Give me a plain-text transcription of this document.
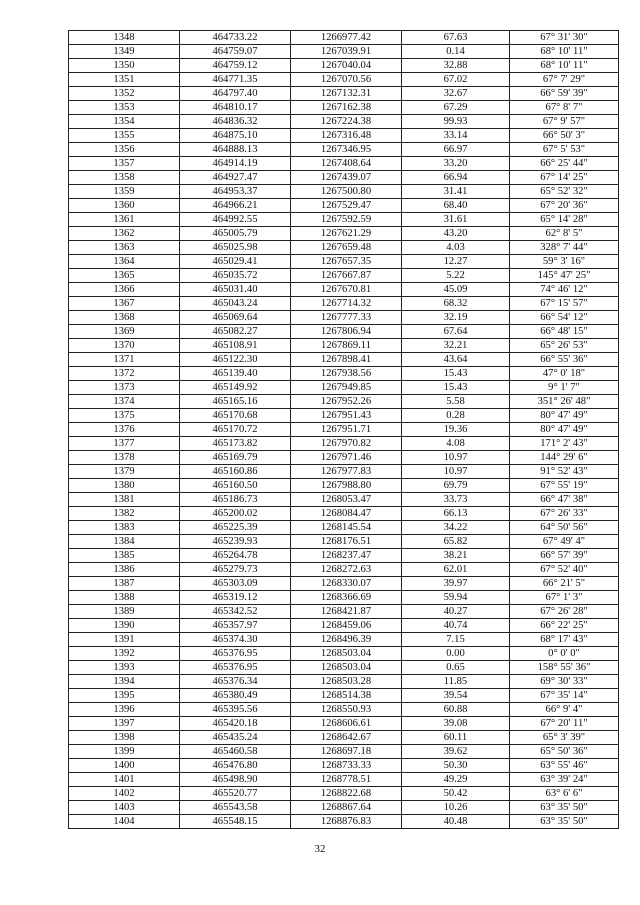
1348	464733.22	1266977.42	67.63	67° 31' 30"
1349	464759.07	1267039.91	0.14	68° 10' 11"
1350	464759.12	1267040.04	32.88	68° 10' 11"
1351	464771.35	1267070.56	67.02	67° 7' 29"
1352	464797.40	1267132.31	32.67	66° 59' 39"
1353	464810.17	1267162.38	67.29	67° 8' 7"
1354	464836.32	1267224.38	99.93	67° 9' 57"
1355	464875.10	1267316.48	33.14	66° 50' 3"
1356	464888.13	1267346.95	66.97	67° 5' 53"
1357	464914.19	1267408.64	33.20	66° 25' 44"
1358	464927.47	1267439.07	66.94	67° 14' 25"
1359	464953.37	1267500.80	31.41	65° 52' 32"
1360	464966.21	1267529.47	68.40	67° 20' 36"
1361	464992.55	1267592.59	31.61	65° 14' 28"
1362	465005.79	1267621.29	43.20	62° 8' 5"
1363	465025.98	1267659.48	4.03	328° 7' 44"
1364	465029.41	1267657.35	12.27	59° 3' 16"
1365	465035.72	1267667.87	5.22	145° 47' 25"
1366	465031.40	1267670.81	45.09	74° 46' 12"
1367	465043.24	1267714.32	68.32	67° 15' 57"
1368	465069.64	1267777.33	32.19	66° 54' 12"
1369	465082.27	1267806.94	67.64	66° 48' 15"
1370	465108.91	1267869.11	32.21	65° 26' 53"
1371	465122.30	1267898.41	43.64	66° 55' 36"
1372	465139.40	1267938.56	15.43	47° 0' 18"
1373	465149.92	1267949.85	15.43	9° 1' 7"
1374	465165.16	1267952.26	5.58	351° 26' 48"
1375	465170.68	1267951.43	0.28	80° 47' 49"
1376	465170.72	1267951.71	19.36	80° 47' 49"
1377	465173.82	1267970.82	4.08	171° 2' 43"
1378	465169.79	1267971.46	10.97	144° 29' 6"
1379	465160.86	1267977.83	10.97	91° 52' 43"
1380	465160.50	1267988.80	69.79	67° 55' 19"
1381	465186.73	1268053.47	33.73	66° 47' 38"
1382	465200.02	1268084.47	66.13	67° 26' 33"
1383	465225.39	1268145.54	34.22	64° 50' 56"
1384	465239.93	1268176.51	65.82	67° 49' 4"
1385	465264.78	1268237.47	38.21	66° 57' 39"
1386	465279.73	1268272.63	62.01	67° 52' 40"
1387	465303.09	1268330.07	39.97	66° 21' 5"
1388	465319.12	1268366.69	59.94	67° 1' 3"
1389	465342.52	1268421.87	40.27	67° 26' 28"
1390	465357.97	1268459.06	40.74	66° 22' 25"
1391	465374.30	1268496.39	7.15	68° 17' 43"
1392	465376.95	1268503.04	0.00	0° 0' 0"
1393	465376.95	1268503.04	0.65	158° 55' 36"
1394	465376.34	1268503.28	11.85	69° 30' 33"
1395	465380.49	1268514.38	39.54	67° 35' 14"
1396	465395.56	1268550.93	60.88	66° 9' 4"
1397	465420.18	1268606.61	39.08	67° 20' 11"
1398	465435.24	1268642.67	60.11	65° 3' 39"
1399	465460.58	1268697.18	39.62	65° 50' 36"
1400	465476.80	1268733.33	50.30	63° 55' 46"
1401	465498.90	1268778.51	49.29	63° 39' 24"
1402	465520.77	1268822.68	50.42	63° 6' 6"
1403	465543.58	1268867.64	10.26	63° 35' 50"
1404	465548.15	1268876.83	40.48	63° 35' 50"
32
